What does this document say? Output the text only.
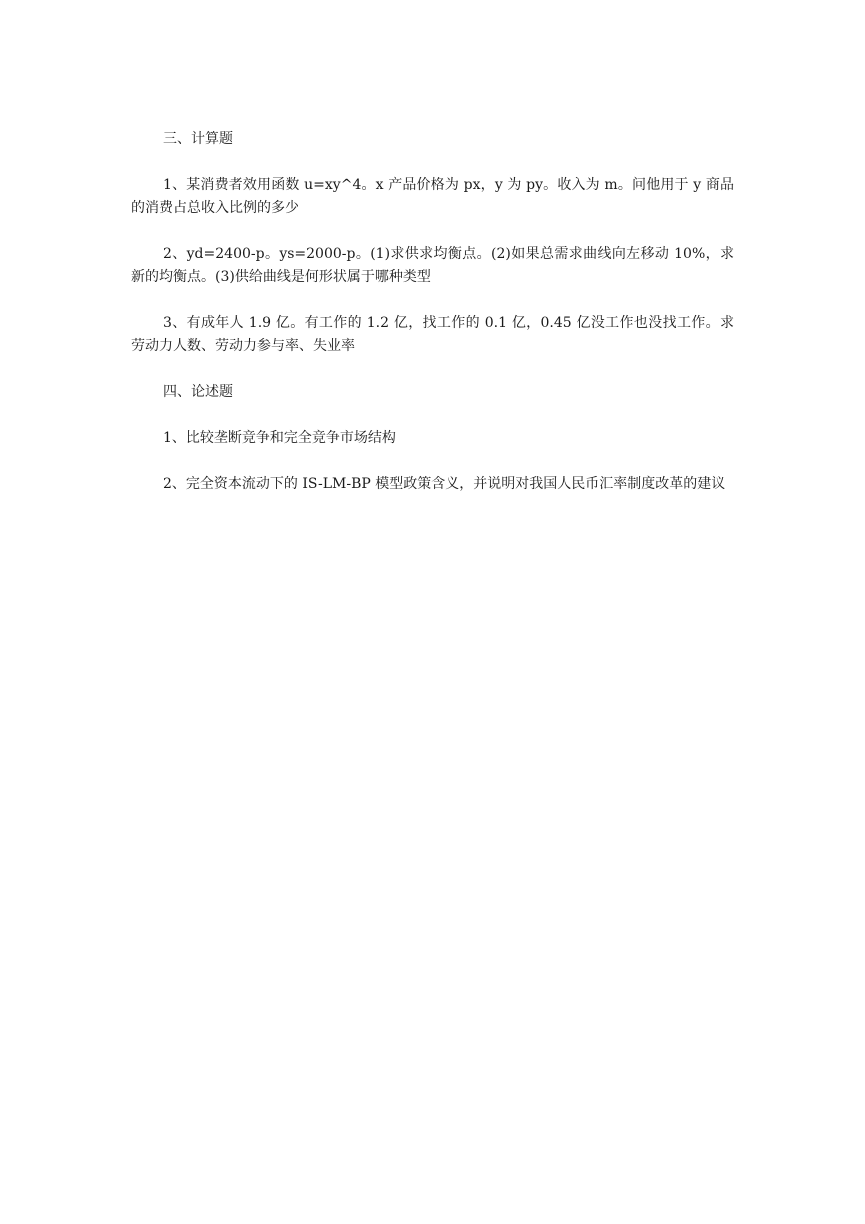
三、计算题

1、某消费者效用函数 u=xy^4。x 产品价格为 px，y 为 py。收入为 m。问他用于 y 商品的消费占总收入比例的多少

2、yd=2400-p。ys=2000-p。(1)求供求均衡点。(2)如果总需求曲线向左移动 10%，求新的均衡点。(3)供给曲线是何形状属于哪种类型

3、有成年人 1.9 亿。有工作的 1.2 亿，找工作的 0.1 亿，0.45 亿没工作也没找工作。求劳动力人数、劳动力参与率、失业率

四、论述题

1、比较垄断竞争和完全竞争市场结构

2、完全资本流动下的 IS-LM-BP 模型政策含义，并说明对我国人民币汇率制度改革的建议
